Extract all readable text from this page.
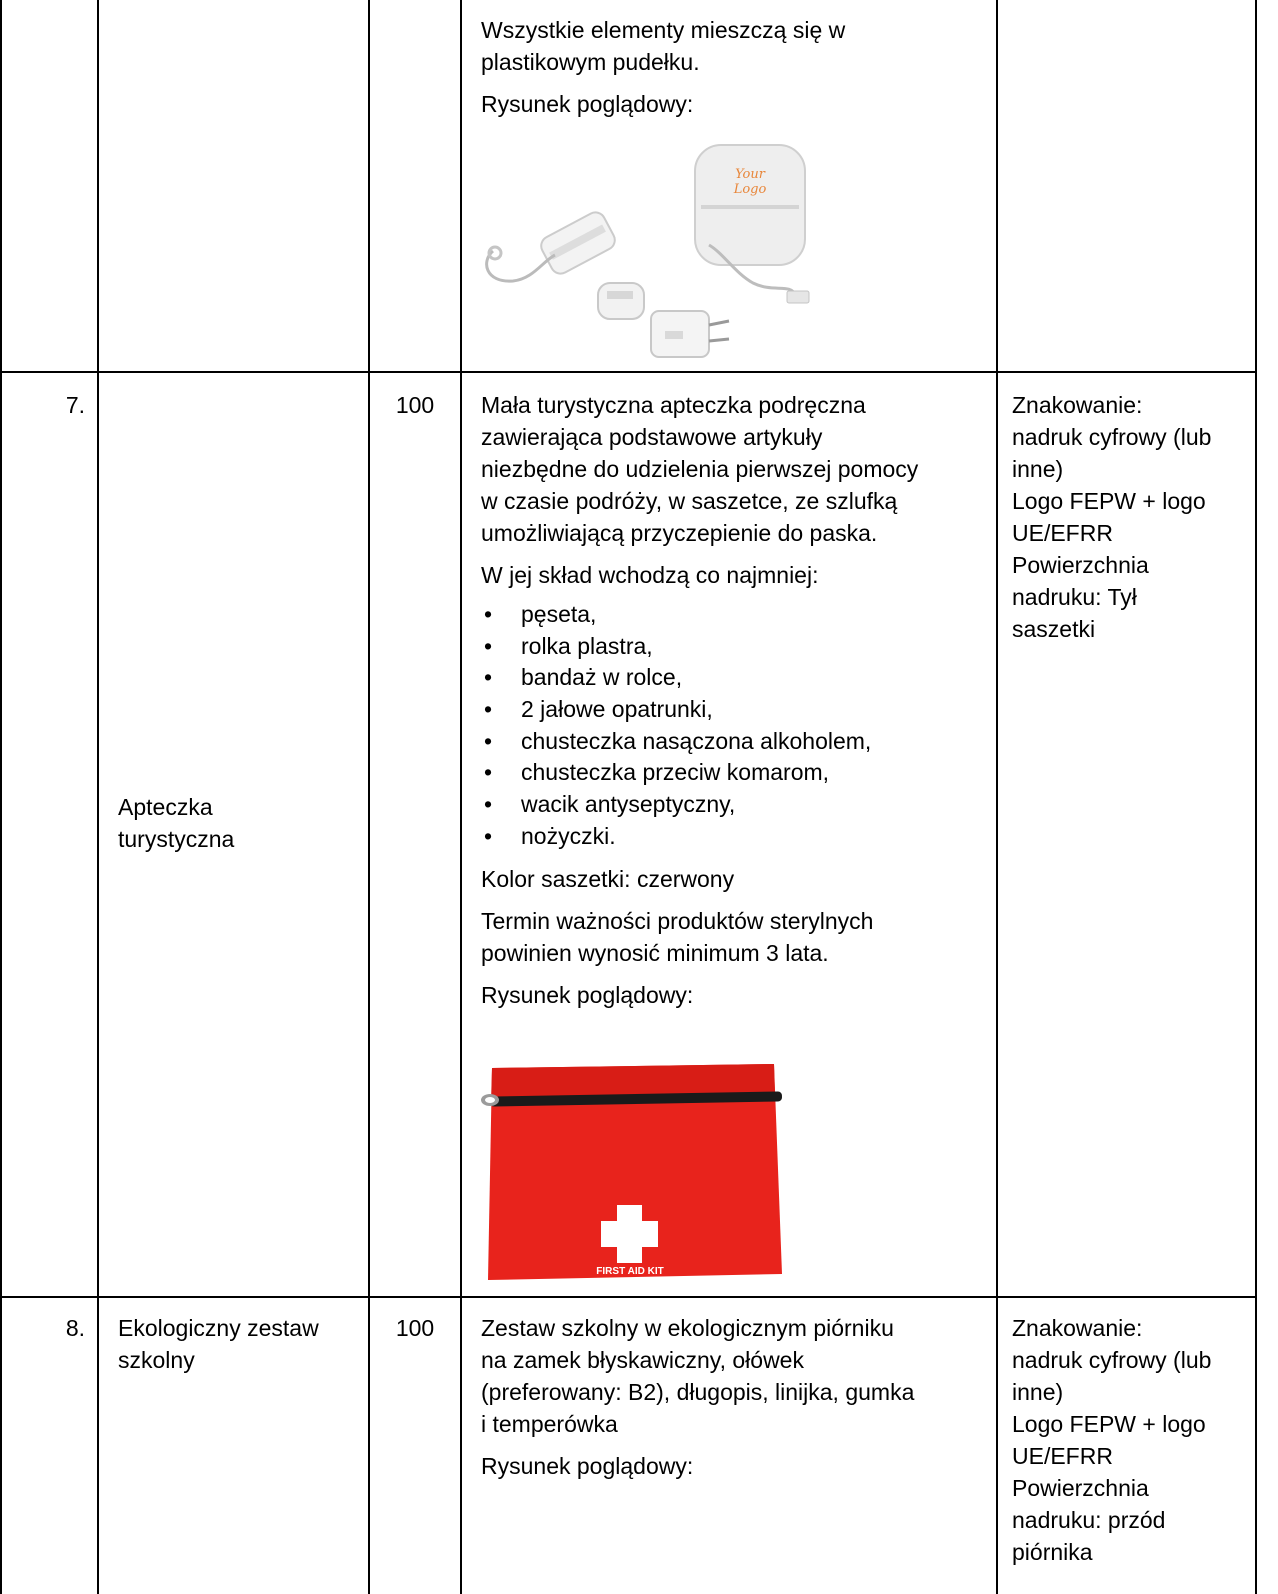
Wszystkie elementy mieszczą się w
plastikowym pudełku.
Rysunek poglądowy:
Your
Logo
7.
Apteczka
turystyczna
100	Mała turystyczna apteczka podręczna
zawierająca podstawowe artykuły
niezbędne do udzielenia pierwszej pomocy
w czasie podróży, w saszetce, ze szlufką
umożliwiającą przyczepienie do paska.
W jej skład wchodzą co najmniej:
• pęseta,
• rolka plastra,
• bandaż w rolce,
• 2 jałowe opatrunki,
• chusteczka nasączona alkoholem,
• chusteczka przeciw komarom,
• wacik antyseptyczny,
• nożyczki.
Kolor saszetki: czerwony
Termin ważności produktów sterylnych
powinien wynosić minimum 3 lata.
Rysunek poglądowy:
FIRST AID KIT
Znakowanie:
nadruk cyfrowy (lub
inne)
Logo FEPW + logo
UE/EFRR
Powierzchnia
nadruku: Tył
saszetki
8. Ekologiczny zestaw
szkolny
100	Zestaw szkolny w ekologicznym piórniku
na zamek błyskawiczny, ołówek
(preferowany: B2), długopis, linijka, gumka
i temperówka
Rysunek poglądowy:
Znakowanie:
nadruk cyfrowy (lub
inne)
Logo FEPW + logo
UE/EFRR
Powierzchnia
nadruku: przód
piórnika
